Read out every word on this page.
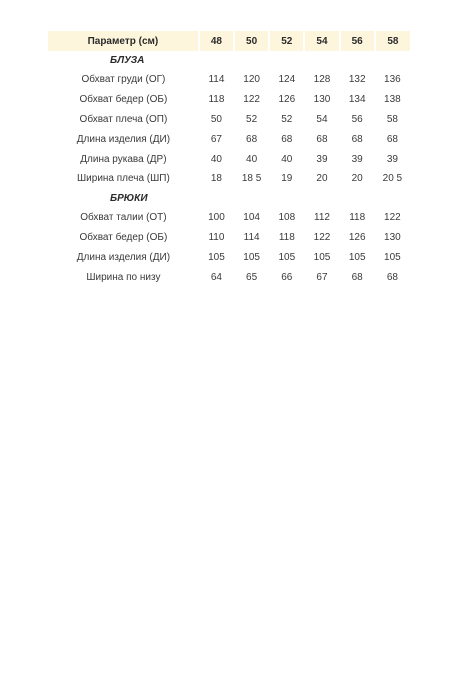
Параметр (см)	48	50	52	54	56	58
БЛУЗА						
Обхват груди (ОГ)	114	120	124	128	132	136
Обхват бедер (ОБ)	118	122	126	130	134	138
Обхват плеча (ОП)	50	52	52	54	56	58
Длина изделия (ДИ)	67	68	68	68	68	68
Длина рукава (ДР)	40	40	40	39	39	39
Ширина плеча (ШП)	18	18 5	19	20	20	20 5
БРЮКИ						
Обхват талии (ОТ)	100	104	108	112	118	122
Обхват бедер (ОБ)	110	114	118	122	126	130
Длина изделия (ДИ)	105	105	105	105	105	105
Ширина по низу	64	65	66	67	68	68
